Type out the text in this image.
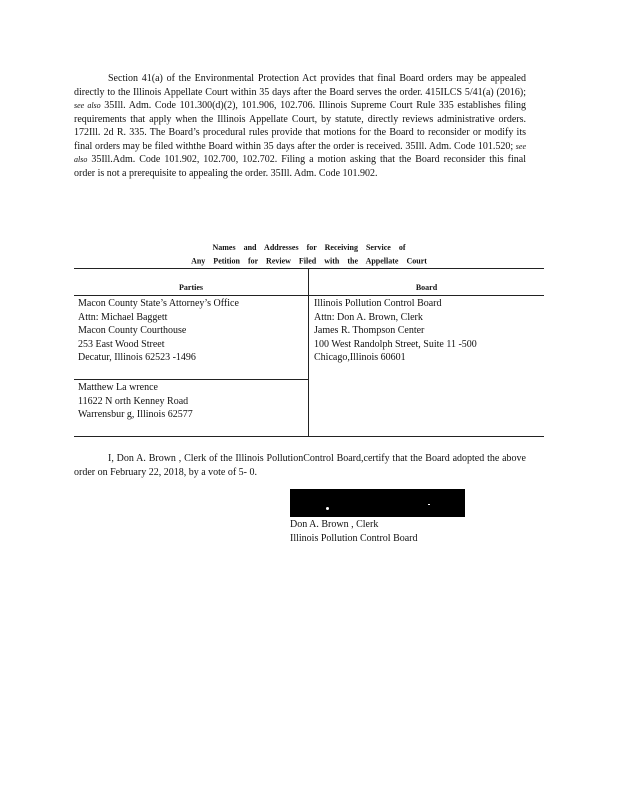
Section 41(a) of the Environmental Protection Act provides that final Board orders may be appealed directly to the Illinois Appellate Court within 35 days after the Board serves the order. 415ILCS 5/41(a) (2016); see also 35Ill. Adm. Code 101.300(d)(2), 101.906, 102.706. Illinois Supreme Court Rule 335 establishes filing requirements that apply when the Illinois Appellate Court, by statute, directly reviews administrative orders. 172Ill. 2d R. 335. The Board’s procedural rules provide that motions for the Board to reconsider or modify its final orders may be filed withthe Board within 35 days after the order is received. 35Ill. Adm. Code 101.520; see also 35Ill.Adm. Code 101.902, 102.700, 102.702. Filing a motion asking that the Board reconsider this final order is not a prerequisite to appealing the order. 35Ill. Adm. Code 101.902.

Names and Addresses for Receiving Service of
Any Petition for Review Filed with the Appellate Court
Parties	Board
Macon County State’s Attorney’s Office
Attn: Michael Baggett
Macon County Courthouse
253 East Wood Street
Decatur, Illinois 62523 -1496
Matthew La wrence
11622 N orth Kenney Road
Warrensbur g, Illinois 62577
Illinois Pollution Control Board
Attn: Don A. Brown, Clerk
James R. Thompson Center
100 West Randolph Street, Suite 11 -500
Chicago,Illinois 60601

I, Don A. Brown , Clerk of the Illinois PollutionControl Board,certify that the Board adopted the above order on February 22, 2018, by a vote of 5- 0.

Don A. Brown , Clerk
Illinois Pollution Control Board
